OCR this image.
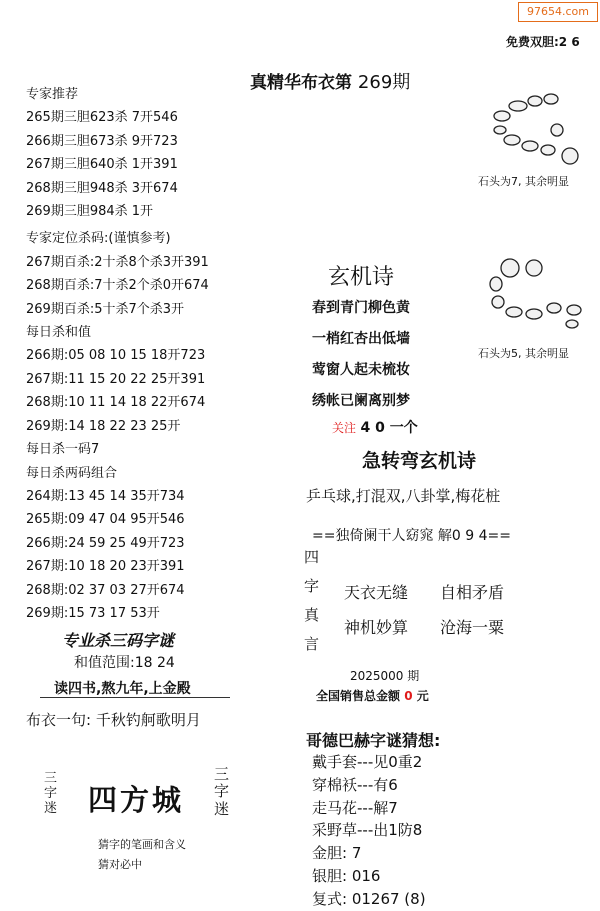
97654.com
免费双胆:2 6
真精华布衣第 269期
专家推荐
265期三胆623杀 7开546
266期三胆673杀 9开723
267期三胆640杀 1开391
268期三胆948杀 3开674
269期三胆984杀 1开
专家定位杀码:(谨慎参考)
267期百杀:2十杀8个杀3开391
268期百杀:7十杀2个杀0开674
269期百杀:5十杀7个杀3开
每日杀和值
266期:05 08 10 15 18开723
267期:11 15 20 22 25开391
268期:10 11 14 18 22开674
269期:14 18 22 23 25开
每日杀一码7
每日杀两码组合
264期:13 45 14 35开734
265期:09 47 04 95开546
266期:24 59 25 49开723
267期:10 18 20 23开391
268期:02 37 03 27开674
269期:15 73 17 53开
专业杀三码字谜
和值范围:18 24
读四书,熬九年,上金殿
布衣一句: 千秋钓舸歌明月
三
字
迷 四方城
三
字
迷
猜字的笔画和含义
猜对必中
石头为7, 其余明显
石头为5, 其余明显
玄机诗
春到青门柳色黄
一梢红杏出低墙
莺窗人起未梳妆
绣帐已阑离别梦
关注 4 0 一个
急转弯玄机诗
乒乓球,打混双,八卦掌,梅花桩
==独倚阑干人窈窕 解0 9 4==
四
字
真
言
天衣无缝 自相矛盾
神机妙算 沧海一粟
2025000 期
全国销售总金额 0 元
哥德巴赫字谜猜想:
戴手套---见0重2
穿棉袄---有6
走马花---解7
采野草---出1防8
金胆: 7
银胆: 016
复式: 01267 (8)
